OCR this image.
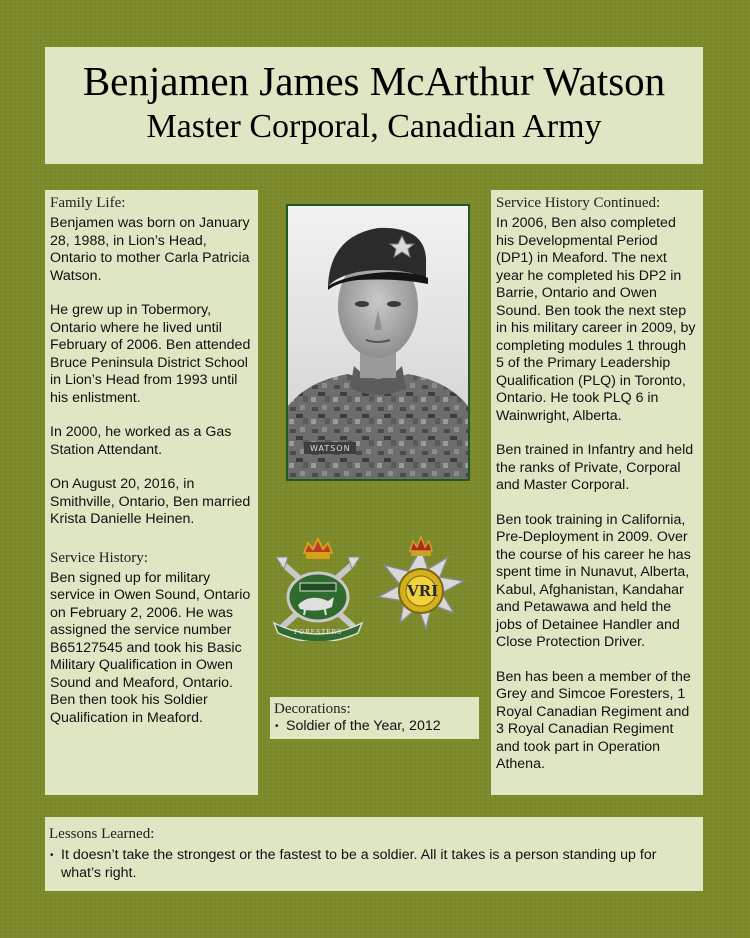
Benjamen James McArthur Watson
Master Corporal, Canadian Army
Family Life:

Benjamen was born on January 28, 1988, in Lion’s Head, Ontario to mother Carla Patricia Watson.

He grew up in Tobermory, Ontario where he lived until February of 2006. Ben attended Bruce Peninsula District School in Lion’s Head from 1993 until his enlistment.

In 2000, he worked as a Gas Station Attendant.

On August 20, 2016, in Smithville, Ontario, Ben married Krista Danielle Heinen.

Service History:

Ben signed up for military service in Owen Sound, Ontario on February 2, 2006. He was assigned the service number B65127545 and took his Basic Military Qualification in Owen Sound and Meaford, Ontario. Ben then took his Soldier Qualification in Meaford.

WATSON
FORESTERS
VRI
Decorations:
• Soldier of the Year, 2012
Service History Continued:

In 2006, Ben also completed his Developmental Period (DP1) in Meaford. The next year he completed his DP2 in Barrie, Ontario and Owen Sound. Ben took the next step in his military career in 2009, by completing modules 1 through 5 of the Primary Leadership Qualification (PLQ) in Toronto, Ontario. He took PLQ 6 in Wainwright, Alberta.

Ben trained in Infantry and held the ranks of Private, Corporal and Master Corporal.

Ben took training in California, Pre-Deployment in 2009. Over the course of his career he has spent time in Nunavut, Alberta, Kabul, Afghanistan, Kandahar and Petawawa and held the jobs of Detainee Handler and Close Protection Driver.

Ben has been a member of the Grey and Simcoe Foresters, 1 Royal Canadian Regiment and 3 Royal Canadian Regiment and took part in Operation Athena.

Lessons Learned:
• It doesn’t take the strongest or the fastest to be a soldier. All it takes is a person standing up for what’s right.
